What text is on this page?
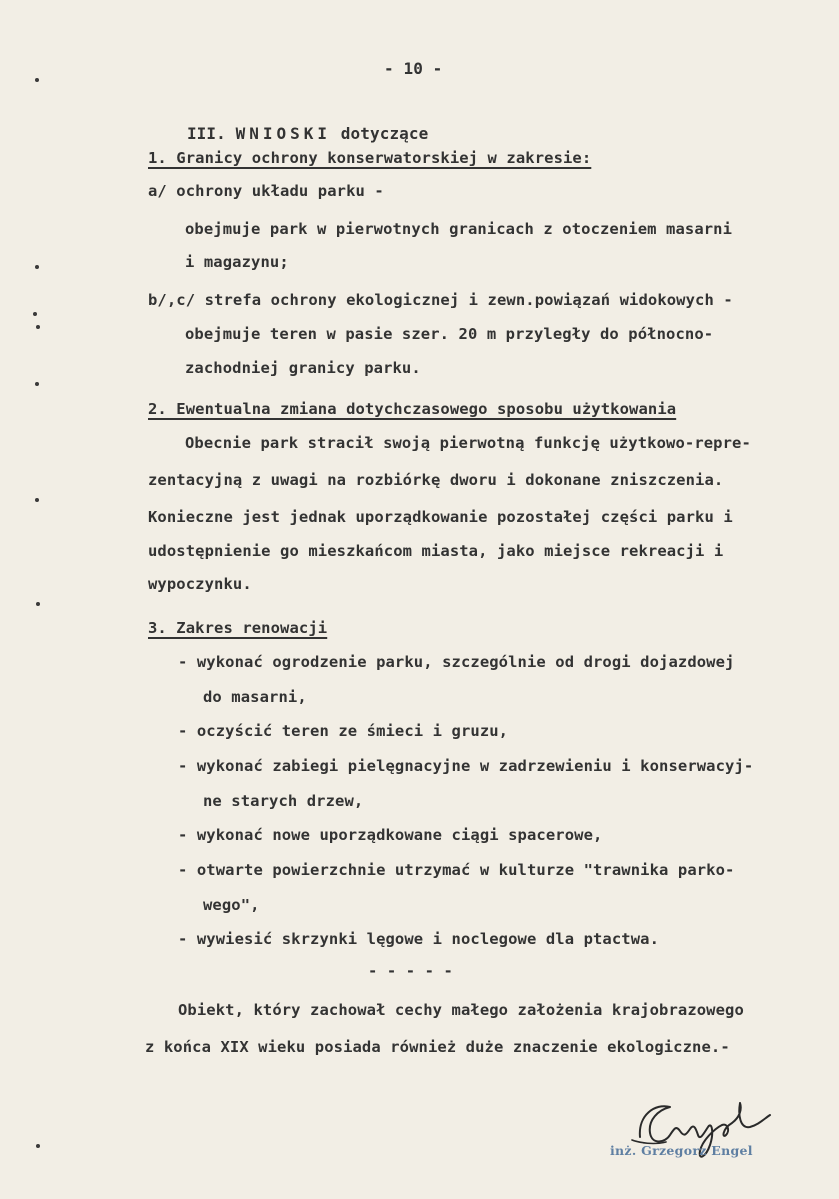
- 10 -

III. WNIOSKI dotyczące

1. Granicy ochrony konserwatorskiej w zakresie:
a/ ochrony układu parku -
obejmuje park w pierwotnych granicach z otoczeniem masarni
i magazynu;
b/,c/ strefa ochrony ekologicznej i zewn.powiązań widokowych -
obejmuje teren w pasie szer. 20 m przyległy do północno-
zachodniej granicy parku.
2. Ewentualna zmiana dotychczasowego sposobu użytkowania
Obecnie park stracił swoją pierwotną funkcję użytkowo-repre-
zentacyjną z uwagi na rozbiórkę dworu i dokonane zniszczenia.
Konieczne jest jednak uporządkowanie pozostałej części parku i
udostępnienie go mieszkańcom miasta, jako miejsce rekreacji i
wypoczynku.
3. Zakres renowacji
- wykonać ogrodzenie parku, szczególnie od drogi dojazdowej
do masarni,
- oczyścić teren ze śmieci i gruzu,
- wykonać zabiegi pielęgnacyjne w zadrzewieniu i konserwacyj-
ne starych drzew,
- wykonać nowe uporządkowane ciągi spacerowe,
- otwarte powierzchnie utrzymać w kulturze "trawnika parko-
wego",
- wywiesić skrzynki lęgowe i noclegowe dla ptactwa.
- - - - -
Obiekt, który zachował cechy małego założenia krajobrazowego
z końca XIX wieku posiada również duże znaczenie ekologiczne.-
inż. Grzegorz Engel
